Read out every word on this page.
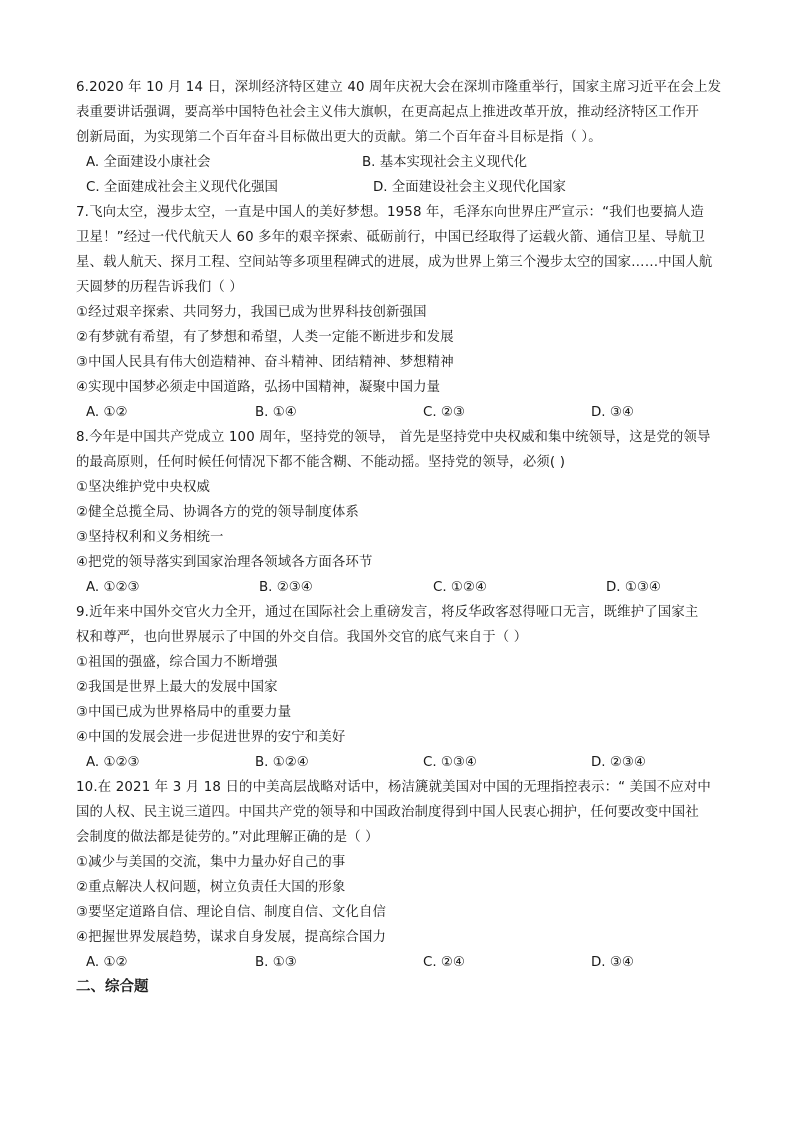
6.2020 年 10 月 14 日，深圳经济特区建立 40 周年庆祝大会在深圳市隆重举行，国家主席习近平在会上发
表重要讲话强调，要高举中国特色社会主义伟大旗帜，在更高起点上推进改革开放，推动经济特区工作开
创新局面，为实现第二个百年奋斗目标做出更大的贡献。第二个百年奋斗目标是指（ ）。
A. 全面建设小康社会	B. 基本实现社会主义现代化
C. 全面建成社会主义现代化强国	D. 全面建设社会主义现代化国家
7.飞向太空，漫步太空，一直是中国人的美好梦想。1958 年，毛泽东向世界庄严宣示：“我们也要搞人造
卫星！”经过一代代航天人 60 多年的艰辛探索、砥砺前行，中国已经取得了运载火箭、通信卫星、导航卫
星、载人航天、探月工程、空间站等多项里程碑式的进展，成为世界上第三个漫步太空的国家……中国人航
天圆梦的历程告诉我们（ ）
①经过艰辛探索、共同努力，我国已成为世界科技创新强国
②有梦就有希望，有了梦想和希望，人类一定能不断进步和发展
③中国人民具有伟大创造精神、奋斗精神、团结精神、梦想精神
④实现中国梦必须走中国道路，弘扬中国精神，凝聚中国力量
A. ①②	B. ①④	C. ②③	D. ③④
8.今年是中国共产党成立 100 周年，坚持党的领导， 首先是坚持党中央权威和集中统领导，这是党的领导
的最高原则，任何时候任何情况下都不能含糊、不能动摇。坚持党的领导，必须( )
①坚决维护党中央权威
②健全总揽全局、协调各方的党的领导制度体系
③坚持权利和义务相统一
④把党的领导落实到国家治理各领域各方面各环节
A. ①②③	B. ②③④	C. ①②④	D. ①③④
9.近年来中国外交官火力全开，通过在国际社会上重磅发言，将反华政客怼得哑口无言，既维护了国家主
权和尊严，也向世界展示了中国的外交自信。我国外交官的底气来自于（ ）
①祖国的强盛，综合国力不断增强
②我国是世界上最大的发展中国家
③中国已成为世界格局中的重要力量
④中国的发展会进一步促进世界的安宁和美好
A. ①②③	B. ①②④	C. ①③④	D. ②③④
10.在 2021 年 3 月 18 日的中美高层战略对话中，杨洁篪就美国对中国的无理指控表示：“ 美国不应对中
国的人权、民主说三道四。中国共产党的领导和中国政治制度得到中国人民衷心拥护，任何要改变中国社
会制度的做法都是徒劳的。”对此理解正确的是（ ）
①减少与美国的交流，集中力量办好自己的事
②重点解决人权问题，树立负责任大国的形象
③要坚定道路自信、理论自信、制度自信、文化自信
④把握世界发展趋势，谋求自身发展，提高综合国力
A. ①②	B. ①③	C. ②④	D. ③④
二、综合题
